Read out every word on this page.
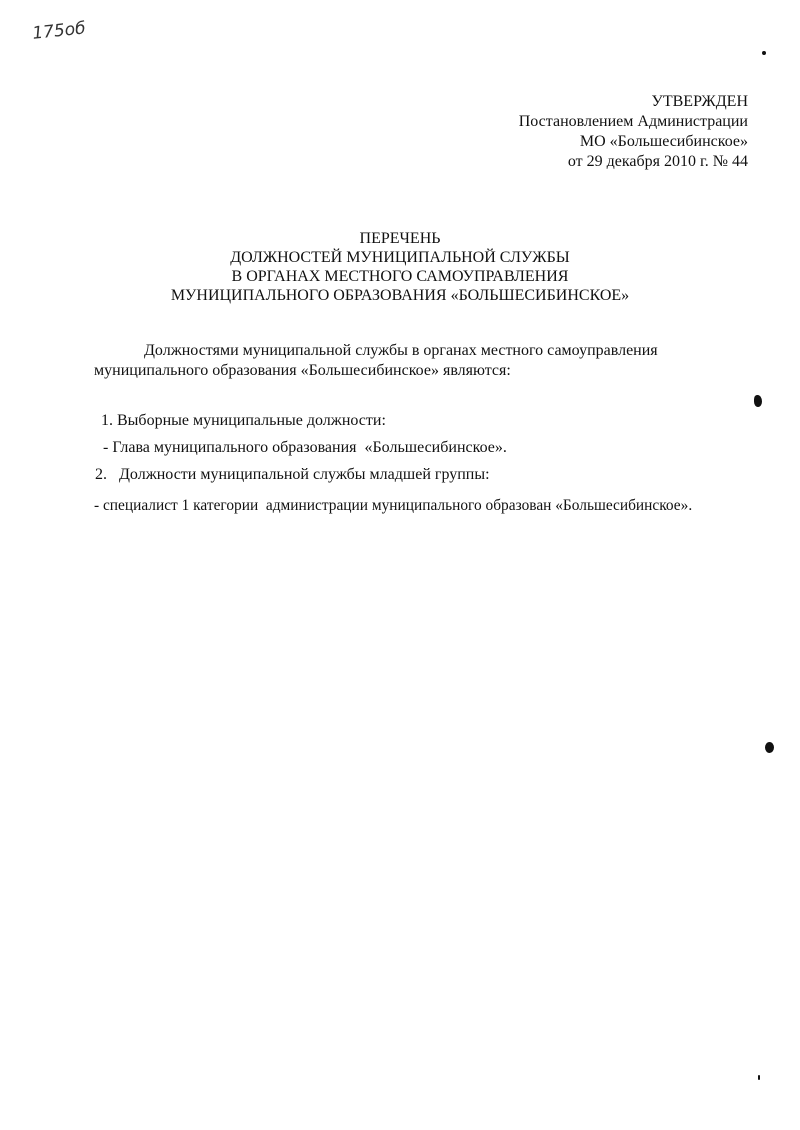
175об
УТВЕРЖДЕН
Постановлением Администрации
МО «Большесибинское»
от 29 декабря 2010 г. № 44
ПЕРЕЧЕНЬ
ДОЛЖНОСТЕЙ МУНИЦИПАЛЬНОЙ СЛУЖБЫ
В ОРГАНАХ МЕСТНОГО САМОУПРАВЛЕНИЯ
МУНИЦИПАЛЬНОГО ОБРАЗОВАНИЯ «БОЛЬШЕСИБИНСКОЕ»
Должностями муниципальной службы в органах местного самоуправления
муниципального образования «Большесибинское» являются:
1. Выборные муниципальные должности:
- Глава муниципального образования  «Большесибинское».
2.   Должности муниципальной службы младшей группы:
- специалист 1 категории  администрации муниципального образован «Большесибинское».
